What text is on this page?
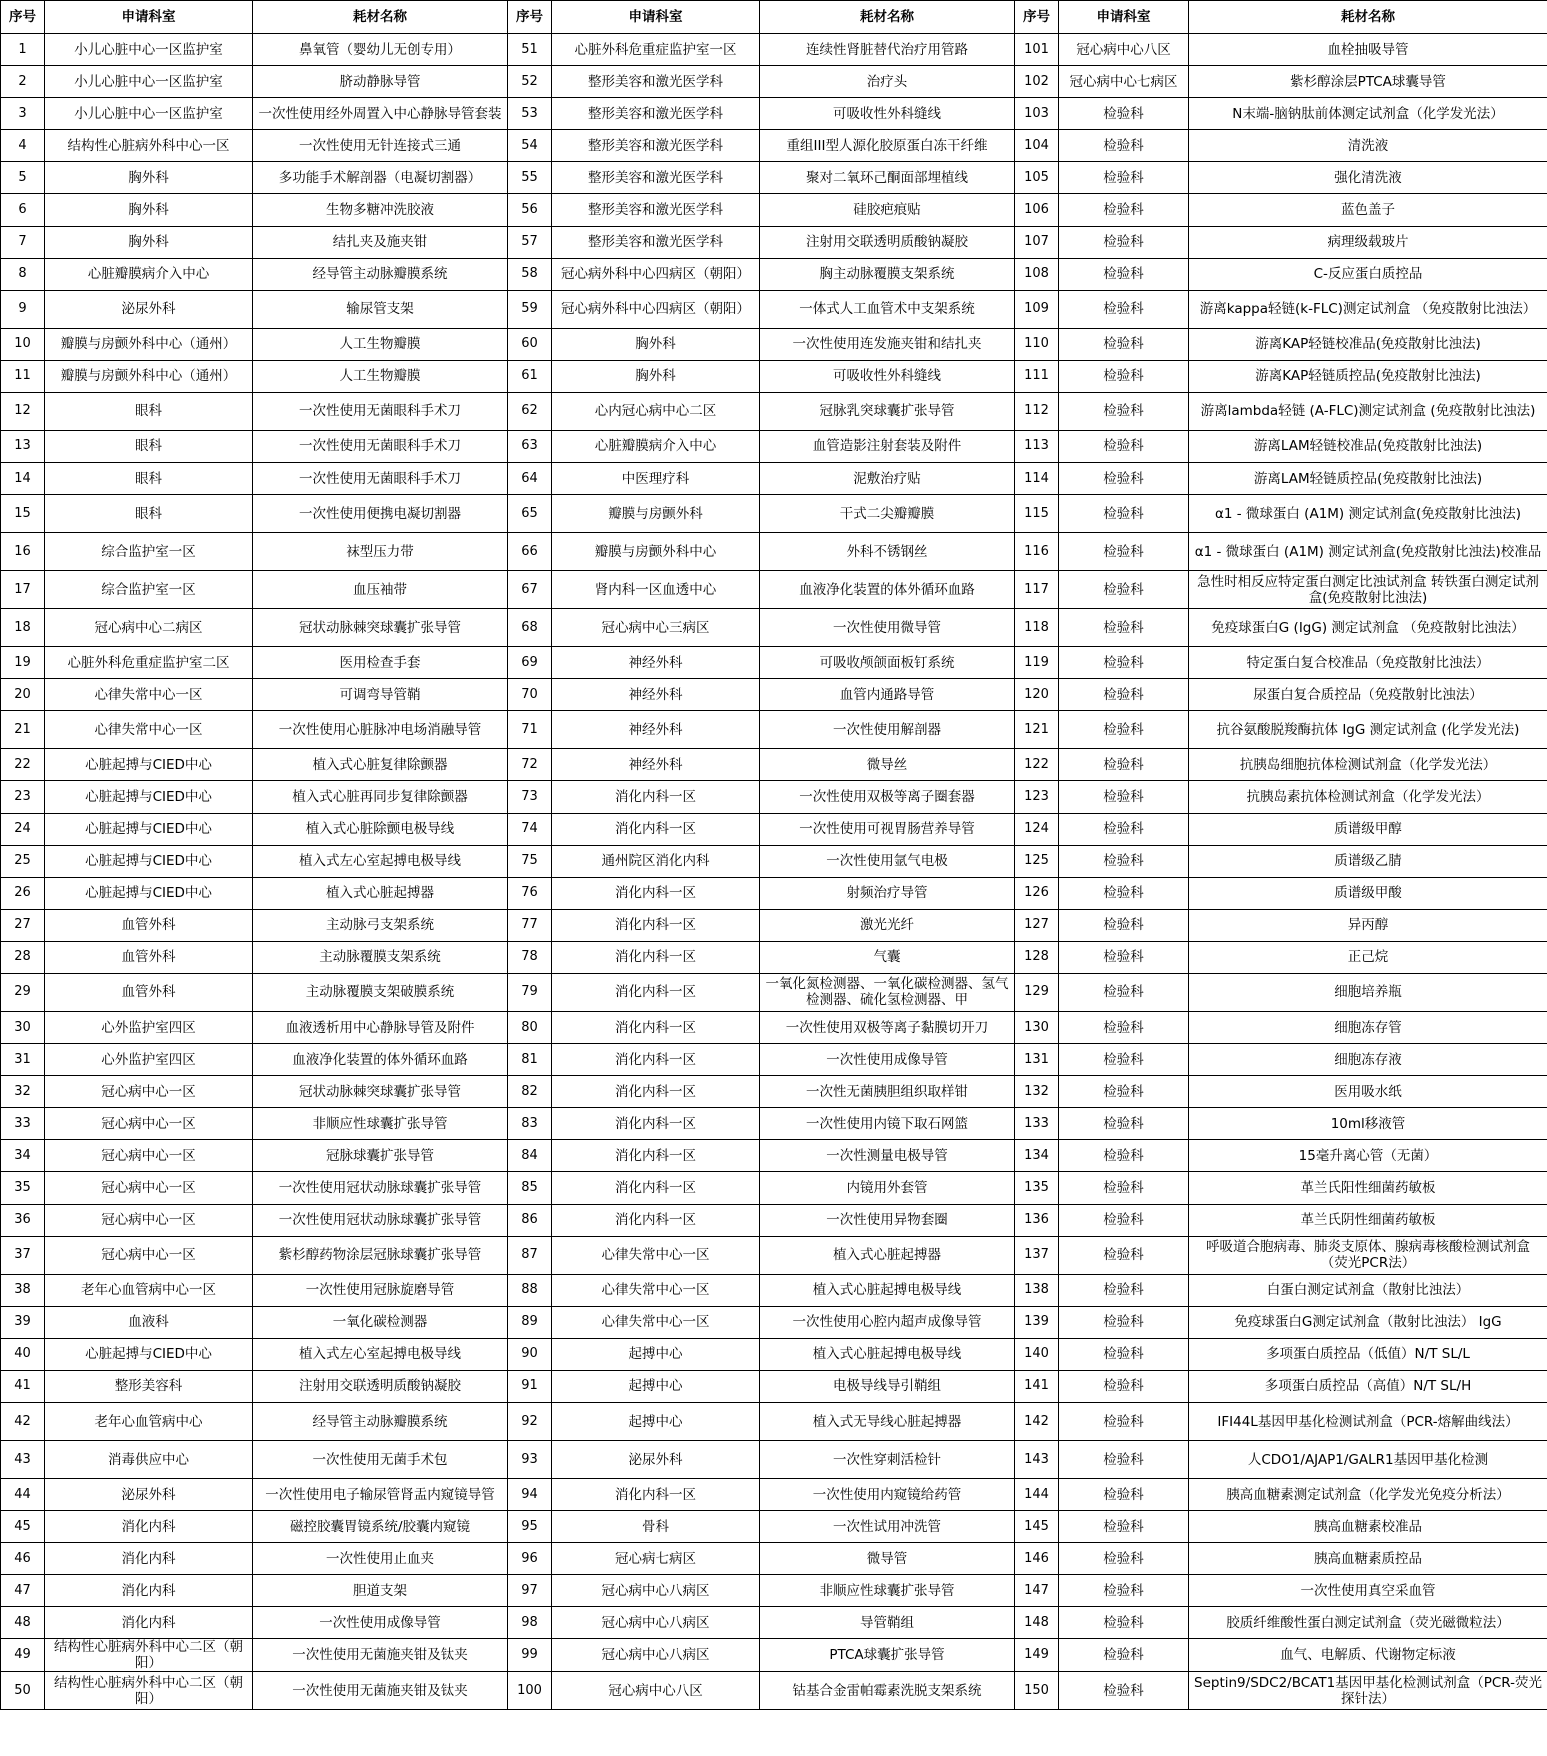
序号	申请科室	耗材名称	序号	申请科室	耗材名称	序号	申请科室	耗材名称
1	小儿心脏中心一区监护室	鼻氧管（婴幼儿无创专用）	51	心脏外科危重症监护室一区	连续性肾脏替代治疗用管路	101	冠心病中心八区	血栓抽吸导管
2	小儿心脏中心一区监护室	脐动静脉导管	52	整形美容和激光医学科	治疗头	102	冠心病中心七病区	紫杉醇涂层PTCA球囊导管
3	小儿心脏中心一区监护室	一次性使用经外周置入中心静脉导管套装	53	整形美容和激光医学科	可吸收性外科缝线	103	检验科	N末端-脑钠肽前体测定试剂盒（化学发光法）
4	结构性心脏病外科中心一区	一次性使用无针连接式三通	54	整形美容和激光医学科	重组III型人源化胶原蛋白冻干纤维	104	检验科	清洗液
5	胸外科	多功能手术解剖器（电凝切割器）	55	整形美容和激光医学科	聚对二氧环己酮面部埋植线	105	检验科	强化清洗液
6	胸外科	生物多糖冲洗胶液	56	整形美容和激光医学科	硅胶疤痕贴	106	检验科	蓝色盖子
7	胸外科	结扎夹及施夹钳	57	整形美容和激光医学科	注射用交联透明质酸钠凝胶	107	检验科	病理级载玻片
8	心脏瓣膜病介入中心	经导管主动脉瓣膜系统	58	冠心病外科中心四病区（朝阳）	胸主动脉覆膜支架系统	108	检验科	C-反应蛋白质控品
9	泌尿外科	输尿管支架	59	冠心病外科中心四病区（朝阳）	一体式人工血管术中支架系统	109	检验科	游离kappa轻链(k-FLC)测定试剂盒 （免疫散射比浊法）
10	瓣膜与房颤外科中心（通州）	人工生物瓣膜	60	胸外科	一次性使用连发施夹钳和结扎夹	110	检验科	游离KAP轻链校准品(免疫散射比浊法)
11	瓣膜与房颤外科中心（通州）	人工生物瓣膜	61	胸外科	可吸收性外科缝线	111	检验科	游离KAP轻链质控品(免疫散射比浊法)
12	眼科	一次性使用无菌眼科手术刀	62	心内冠心病中心二区	冠脉乳突球囊扩张导管	112	检验科	游离lambda轻链 (A-FLC)测定试剂盒 (免疫散射比浊法)
13	眼科	一次性使用无菌眼科手术刀	63	心脏瓣膜病介入中心	血管造影注射套装及附件	113	检验科	游离LAM轻链校准品(免疫散射比浊法)
14	眼科	一次性使用无菌眼科手术刀	64	中医理疗科	泥敷治疗贴	114	检验科	游离LAM轻链质控品(免疫散射比浊法)
15	眼科	一次性使用便携电凝切割器	65	瓣膜与房颤外科	干式二尖瓣瓣膜	115	检验科	α1 - 微球蛋白 (A1M) 测定试剂盒(免疫散射比浊法)
16	综合监护室一区	袜型压力带	66	瓣膜与房颤外科中心	外科不锈钢丝	116	检验科	α1 - 微球蛋白 (A1M) 测定试剂盒(免疫散射比浊法)校准品
17	综合监护室一区	血压袖带	67	肾内科一区血透中心	血液净化装置的体外循环血路	117	检验科	急性时相反应特定蛋白测定比浊试剂盒 转铁蛋白测定试剂盒(免疫散射比浊法)
18	冠心病中心二病区	冠状动脉棘突球囊扩张导管	68	冠心病中心三病区	一次性使用微导管	118	检验科	免疫球蛋白G (IgG) 测定试剂盒 （免疫散射比浊法）
19	心脏外科危重症监护室二区	医用检查手套	69	神经外科	可吸收颅颌面板钉系统	119	检验科	特定蛋白复合校准品（免疫散射比浊法）
20	心律失常中心一区	可调弯导管鞘	70	神经外科	血管内通路导管	120	检验科	尿蛋白复合质控品（免疫散射比浊法）
21	心律失常中心一区	一次性使用心脏脉冲电场消融导管	71	神经外科	一次性使用解剖器	121	检验科	抗谷氨酸脱羧酶抗体 IgG 测定试剂盒 (化学发光法)
22	心脏起搏与CIED中心	植入式心脏复律除颤器	72	神经外科	微导丝	122	检验科	抗胰岛细胞抗体检测试剂盒（化学发光法）
23	心脏起搏与CIED中心	植入式心脏再同步复律除颤器	73	消化内科一区	一次性使用双极等离子圈套器	123	检验科	抗胰岛素抗体检测试剂盒（化学发光法）
24	心脏起搏与CIED中心	植入式心脏除颤电极导线	74	消化内科一区	一次性使用可视胃肠营养导管	124	检验科	质谱级甲醇
25	心脏起搏与CIED中心	植入式左心室起搏电极导线	75	通州院区消化内科	一次性使用氩气电极	125	检验科	质谱级乙腈
26	心脏起搏与CIED中心	植入式心脏起搏器	76	消化内科一区	射频治疗导管	126	检验科	质谱级甲酸
27	血管外科	主动脉弓支架系统	77	消化内科一区	激光光纤	127	检验科	异丙醇
28	血管外科	主动脉覆膜支架系统	78	消化内科一区	气囊	128	检验科	正己烷
29	血管外科	主动脉覆膜支架破膜系统	79	消化内科一区	一氧化氮检测器、一氧化碳检测器、氢气检测器、硫化氢检测器、甲	129	检验科	细胞培养瓶
30	心外监护室四区	血液透析用中心静脉导管及附件	80	消化内科一区	一次性使用双极等离子黏膜切开刀	130	检验科	细胞冻存管
31	心外监护室四区	血液净化装置的体外循环血路	81	消化内科一区	一次性使用成像导管	131	检验科	细胞冻存液
32	冠心病中心一区	冠状动脉棘突球囊扩张导管	82	消化内科一区	一次性无菌胰胆组织取样钳	132	检验科	医用吸水纸
33	冠心病中心一区	非顺应性球囊扩张导管	83	消化内科一区	一次性使用内镜下取石网篮	133	检验科	10ml移液管
34	冠心病中心一区	冠脉球囊扩张导管	84	消化内科一区	一次性测量电极导管	134	检验科	15毫升离心管（无菌）
35	冠心病中心一区	一次性使用冠状动脉球囊扩张导管	85	消化内科一区	内镜用外套管	135	检验科	革兰氏阳性细菌药敏板
36	冠心病中心一区	一次性使用冠状动脉球囊扩张导管	86	消化内科一区	一次性使用异物套圈	136	检验科	革兰氏阴性细菌药敏板
37	冠心病中心一区	紫杉醇药物涂层冠脉球囊扩张导管	87	心律失常中心一区	植入式心脏起搏器	137	检验科	呼吸道合胞病毒、肺炎支原体、腺病毒核酸检测试剂盒 （荧光PCR法）
38	老年心血管病中心一区	一次性使用冠脉旋磨导管	88	心律失常中心一区	植入式心脏起搏电极导线	138	检验科	白蛋白测定试剂盒（散射比浊法）
39	血液科	一氧化碳检测器	89	心律失常中心一区	一次性使用心腔内超声成像导管	139	检验科	免疫球蛋白G测定试剂盒（散射比浊法） IgG
40	心脏起搏与CIED中心	植入式左心室起搏电极导线	90	起搏中心	植入式心脏起搏电极导线	140	检验科	多项蛋白质控品（低值）N/T SL/L
41	整形美容科	注射用交联透明质酸钠凝胶	91	起搏中心	电极导线导引鞘组	141	检验科	多项蛋白质控品（高值）N/T SL/H
42	老年心血管病中心	经导管主动脉瓣膜系统	92	起搏中心	植入式无导线心脏起搏器	142	检验科	IFI44L基因甲基化检测试剂盒（PCR-熔解曲线法）
43	消毒供应中心	一次性使用无菌手术包	93	泌尿外科	一次性穿刺活检针	143	检验科	人CDO1/AJAP1/GALR1基因甲基化检测
44	泌尿外科	一次性使用电子输尿管肾盂内窥镜导管	94	消化内科一区	一次性使用内窥镜给药管	144	检验科	胰高血糖素测定试剂盒（化学发光免疫分析法）
45	消化内科	磁控胶囊胃镜系统/胶囊内窥镜	95	骨科	一次性试用冲洗管	145	检验科	胰高血糖素校准品
46	消化内科	一次性使用止血夹	96	冠心病七病区	微导管	146	检验科	胰高血糖素质控品
47	消化内科	胆道支架	97	冠心病中心八病区	非顺应性球囊扩张导管	147	检验科	一次性使用真空采血管
48	消化内科	一次性使用成像导管	98	冠心病中心八病区	导管鞘组	148	检验科	胶质纤维酸性蛋白测定试剂盒（荧光磁微粒法）
49	结构性心脏病外科中心二区（朝阳）	一次性使用无菌施夹钳及钛夹	99	冠心病中心八病区	PTCA球囊扩张导管	149	检验科	血气、电解质、代谢物定标液
50	结构性心脏病外科中心二区（朝阳）	一次性使用无菌施夹钳及钛夹	100	冠心病中心八区	钴基合金雷帕霉素洗脱支架系统	150	检验科	Septin9/SDC2/BCAT1基因甲基化检测试剂盒（PCR-荧光探针法）
